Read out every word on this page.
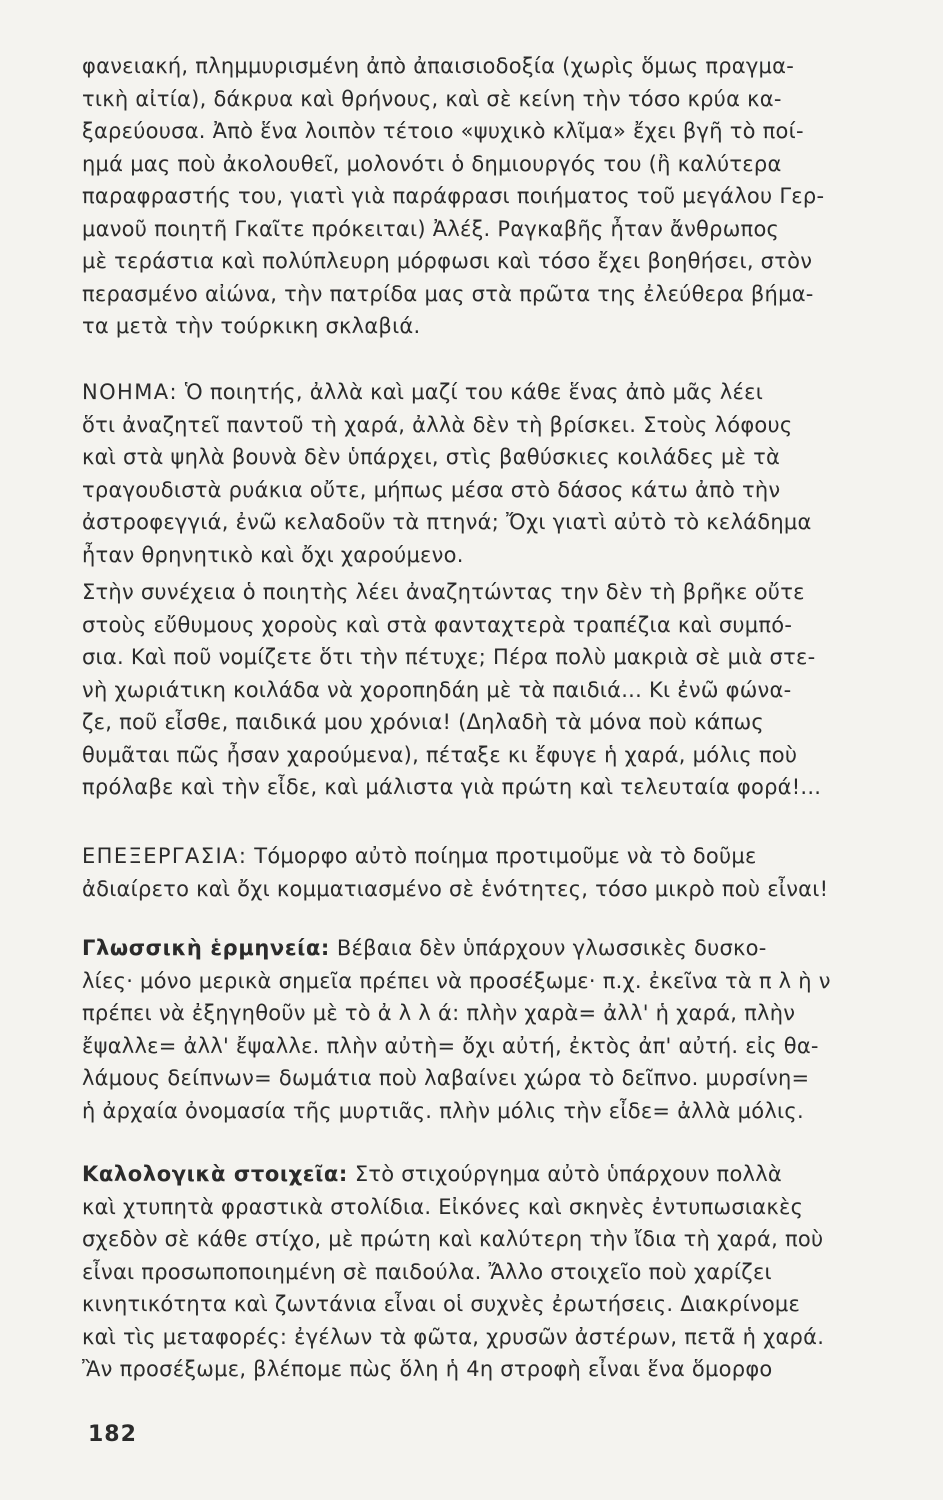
φανειακή, πλημμυρισμένη ἀπὸ ἀπαισιοδοξία (χωρὶς ὅμως πραγμα-
τικὴ αἰτία), δάκρυα καὶ θρήνους, καὶ σὲ κείνη τὴν τόσο κρύα κα-
ξαρεύουσα. Ἀπὸ ἕνα λοιπὸν τέτοιο «ψυχικὸ κλῖμα» ἔχει βγῆ τὸ ποί-
ημά μας ποὺ ἀκολουθεῖ, μολονότι ὁ δημιουργός του (ἢ καλύτερα
παραφραστής του, γιατὶ γιὰ παράφρασι ποιήματος τοῦ μεγάλου Γερ-
μανοῦ ποιητῆ Γκαῖτε πρόκειται) Ἀλέξ. Ραγκαβῆς ἦταν ἄνθρωπος
μὲ τεράστια καὶ πολύπλευρη μόρφωσι καὶ τόσο ἔχει βοηθήσει, στὸν
περασμένο αἰώνα, τὴν πατρίδα μας στὰ πρῶτα της ἐλεύθερα βήμα-
τα μετὰ τὴν τούρκικη σκλαβιά.
ΝΟΗΜΑ: Ὁ ποιητής, ἀλλὰ καὶ μαζί του κάθε ἕνας ἀπὸ μᾶς λέει
ὅτι ἀναζητεῖ παντοῦ τὴ χαρά, ἀλλὰ δὲν τὴ βρίσκει. Στοὺς λόφους
καὶ στὰ ψηλὰ βουνὰ δὲν ὑπάρχει, στὶς βαθύσκιες κοιλάδες μὲ τὰ
τραγουδιστὰ ρυάκια οὔτε, μήπως μέσα στὸ δάσος κάτω ἀπὸ τὴν
ἀστροφεγγιά, ἐνῶ κελαδοῦν τὰ πτηνά; Ὄχι γιατὶ αὐτὸ τὸ κελάδημα
ἦταν θρηνητικὸ καὶ ὄχι χαρούμενο.
Στὴν συνέχεια ὁ ποιητὴς λέει ἀναζητώντας την δὲν τὴ βρῆκε οὔτε
στοὺς εὔθυμους χοροὺς καὶ στὰ φανταχτερὰ τραπέζια καὶ συμπό-
σια. Καὶ ποῦ νομίζετε ὅτι τὴν πέτυχε; Πέρα πολὺ μακριὰ σὲ μιὰ στε-
νὴ χωριάτικη κοιλάδα νὰ χοροπηδάη μὲ τὰ παιδιά... Κι ἐνῶ φώνα-
ζε, ποῦ εἶσθε, παιδικά μου χρόνια! (Δηλαδὴ τὰ μόνα ποὺ κάπως
θυμᾶται πῶς ἦσαν χαρούμενα), πέταξε κι ἔφυγε ἡ χαρά, μόλις ποὺ
πρόλαβε καὶ τὴν εἶδε, καὶ μάλιστα γιὰ πρώτη καὶ τελευταία φορά!...
ΕΠΕΞΕΡΓΑΣΙΑ: Τόμορφο αὐτὸ ποίημα προτιμοῦμε νὰ τὸ δοῦμε
ἀδιαίρετο καὶ ὄχι κομματιασμένο σὲ ἑνότητες, τόσο μικρὸ ποὺ εἶναι!
Γλωσσικὴ ἑρμηνεία: Βέβαια δὲν ὑπάρχουν γλωσσικὲς δυσκο-
λίες· μόνο μερικὰ σημεῖα πρέπει νὰ προσέξωμε· π.χ. ἐκεῖνα τὰ π λ ὴ ν
πρέπει νὰ ἐξηγηθοῦν μὲ τὸ ἀ λ λ ά: πλὴν χαρὰ= ἀλλ' ἡ χαρά, πλὴν
ἔψαλλε= ἀλλ' ἔψαλλε. πλὴν αὐτὴ= ὄχι αὐτή, ἐκτὸς ἀπ' αὐτή. εἰς θα-
λάμους δείπνων= δωμάτια ποὺ λαβαίνει χώρα τὸ δεῖπνο. μυρσίνη=
ἡ ἀρχαία ὀνομασία τῆς μυρτιᾶς. πλὴν μόλις τὴν εἶδε= ἀλλὰ μόλις.
Καλολογικὰ στοιχεῖα: Στὸ στιχούργημα αὐτὸ ὑπάρχουν πολλὰ
καὶ χτυπητὰ φραστικὰ στολίδια. Εἰκόνες καὶ σκηνὲς ἐντυπωσιακὲς
σχεδὸν σὲ κάθε στίχο, μὲ πρώτη καὶ καλύτερη τὴν ἴδια τὴ χαρά, ποὺ
εἶναι προσωποποιημένη σὲ παιδούλα. Ἄλλο στοιχεῖο ποὺ χαρίζει
κινητικότητα καὶ ζωντάνια εἶναι οἱ συχνὲς ἐρωτήσεις. Διακρίνομε
καὶ τὶς μεταφορές: ἐγέλων τὰ φῶτα, χρυσῶν ἀστέρων, πετᾶ ἡ χαρά.
Ἂν προσέξωμε, βλέπομε πὼς ὅλη ἡ 4η στροφὴ εἶναι ἕνα ὅμορφο
182
